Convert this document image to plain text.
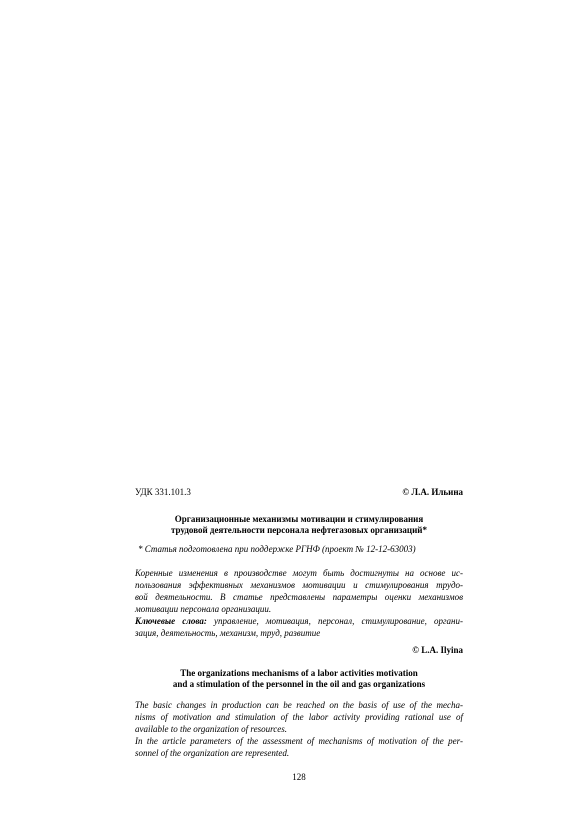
УДК 331.101.3	© Л.А. Ильина
Организационные механизмы мотивации и стимулирования
трудовой деятельности персонала нефтегазовых организаций*
* Статья подготовлена при поддержке РГНФ (проект № 12-12-63003)
Коренные изменения в производстве могут быть достигнуты на основе ис-
пользования эффективных механизмов мотивации и стимулирования трудо-
вой деятельности. В статье представлены параметры оценки механизмов
мотивации персонала организации.
Ключевые слова: управление, мотивация, персонал, стимулирование, органи-
зация, деятельность, механизм, труд, развитие
© L.A. Ilyina
The organizations mechanisms of a labor activities motivation
and a stimulation of the personnel in the oil and gas organizations
The basic changes in production can be reached on the basis of use of the mecha-
nisms of motivation and stimulation of the labor activity providing rational use of
available to the organization of resources.
In the article parameters of the assessment of mechanisms of motivation of the per-
sonnel of the organization are represented.
128
